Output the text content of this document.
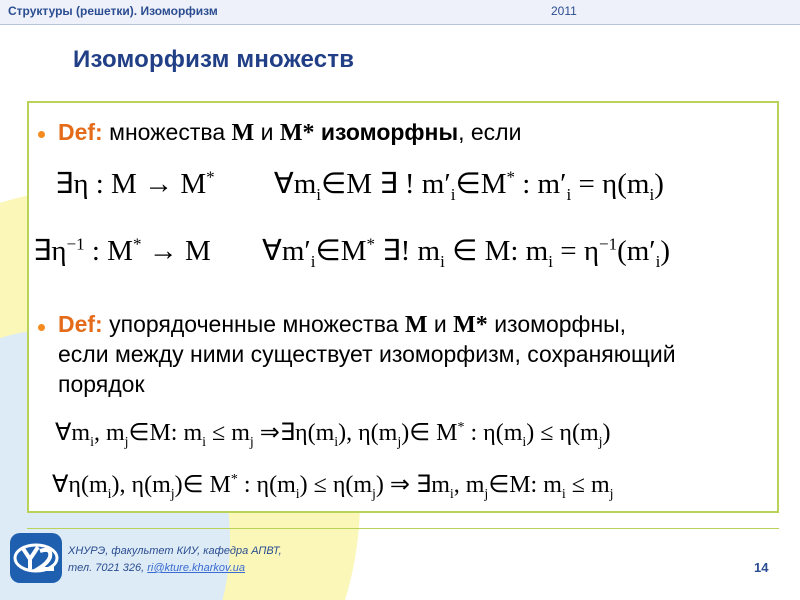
Структуры (решетки). Изоморфизм	2011
Изоморфизм множеств
Def: множества M и M* изоморфны, если
∃η : M → M* $\forall m_i\in M$ ∃ ! $m'_i\in M^*$ : $m'_i = \eta(m_i)$
$\exists\eta^{-1}$ : M* → M $\forall m'_i\in M^*$ ∃! $m_i$ ∈ M: $m_i = \eta^{-1}(m'_i)$
Def: упорядоченные множества M и M* изоморфны,
если между ними существует изоморфизм, сохраняющий
порядок
$\forall m_i$, $m_j\in M$: $m_i \le m_j$ $\Rightarrow\exists\eta(m_i)$, $\eta(m_j)\in$ M* : $\eta(m_i) \le \eta(m_j)$
$\forall\eta(m_i)$, $\eta(m_j)\in$ M* : $\eta(m_i) \le \eta(m_j)$ ⇒ $\exists m_i$, $m_j\in M$: $m_i \le m_j$
ХНУРЭ, факультет КИУ, кафедра АПВТ,
тел. 7021 326, ri@kture.kharkov.ua	14
